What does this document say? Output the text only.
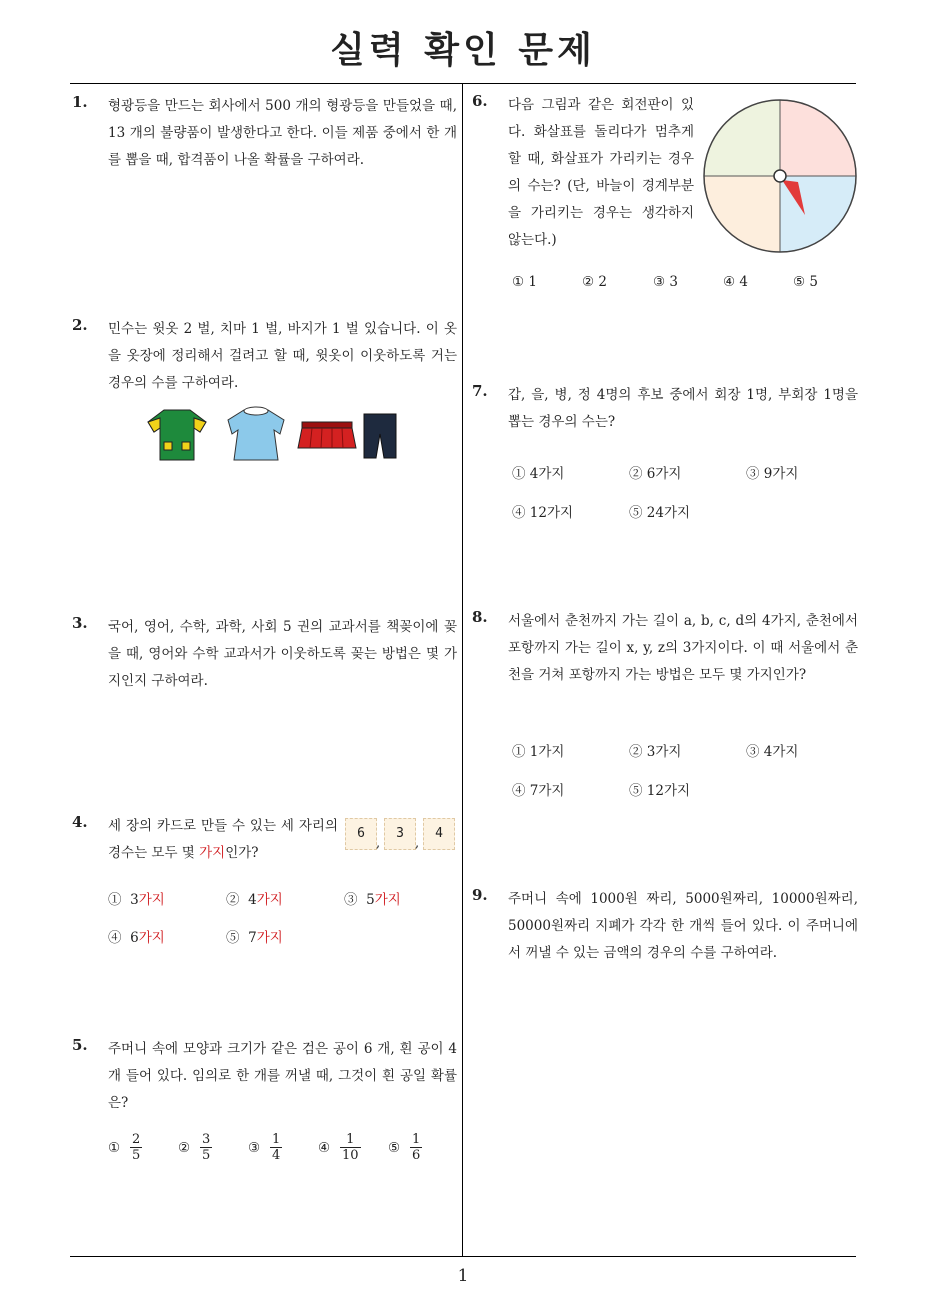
실력 확인 문제
1
1. 형광등을 만드는 회사에서 500 개의 형광등을 만들었을 때, 13 개의 불량품이 발생한다고 한다. 이들 제품 중에서 한 개를 뽑을 때, 합격품이 나올 확률을 구하여라.
2. 민수는 윗옷 2 벌, 치마 1 벌, 바지가 1 벌 있습니다. 이 옷을 옷장에 정리해서 걸려고 할 때, 윗옷이 이웃하도록 거는 경우의 수를 구하여라.
3. 국어, 영어, 수학, 과학, 사회 5 권의 교과서를 책꽂이에 꽂을 때, 영어와 수학 교과서가 이웃하도록 꽂는 방법은 몇 가지인지 구하여라.
4. 세 장의 카드로 만들 수 있는 세 자리의 경수는 모두 몇 가지인가?
6
,
3
,
4
① 3가지	② 4가지	③ 5가지
④ 6가지	⑤ 7가지
5. 주머니 속에 모양과 크기가 같은 검은 공이 6 개, 흰 공이 4 개 들어 있다. 임의로 한 개를 꺼낼 때, 그것이 흰 공일 확률은?
① $\frac{2}{5}$	② $\frac{3}{5}$	③ $\frac{1}{4}$	④ $\frac{1}{10}$ ⑤ $\frac{1}{6}$
6. 다음 그림과 같은 회전판이 있다. 화살표를 돌리다가 멈추게 할 때, 화살표가 가리키는 경우의 수는? (단, 바늘이 경계부분을 가리키는 경우는 생각하지 않는다.)
① 1	② 2	③ 3	④ 4	⑤ 5
7. 갑, 을, 병, 정 4명의 후보 중에서 회장 1명, 부회장 1명을 뽑는 경우의 수는?
① 4가지	② 6가지	③ 9가지
④ 12가지	⑤ 24가지
8. 서울에서 춘천까지 가는 길이 a, b, c, d의 4가지, 춘천에서 포항까지 가는 길이 x, y, z의 3가지이다. 이 때 서울에서 춘천을 거쳐 포항까지 가는 방법은 모두 몇 가지인가?
① 1가지	② 3가지	③ 4가지
④ 7가지	⑤ 12가지
9. 주머니 속에 1000원 짜리, 5000원짜리, 10000원짜리, 50000원짜리 지폐가 각각 한 개씩 들어 있다. 이 주머니에서 꺼낼 수 있는 금액의 경우의 수를 구하여라.
